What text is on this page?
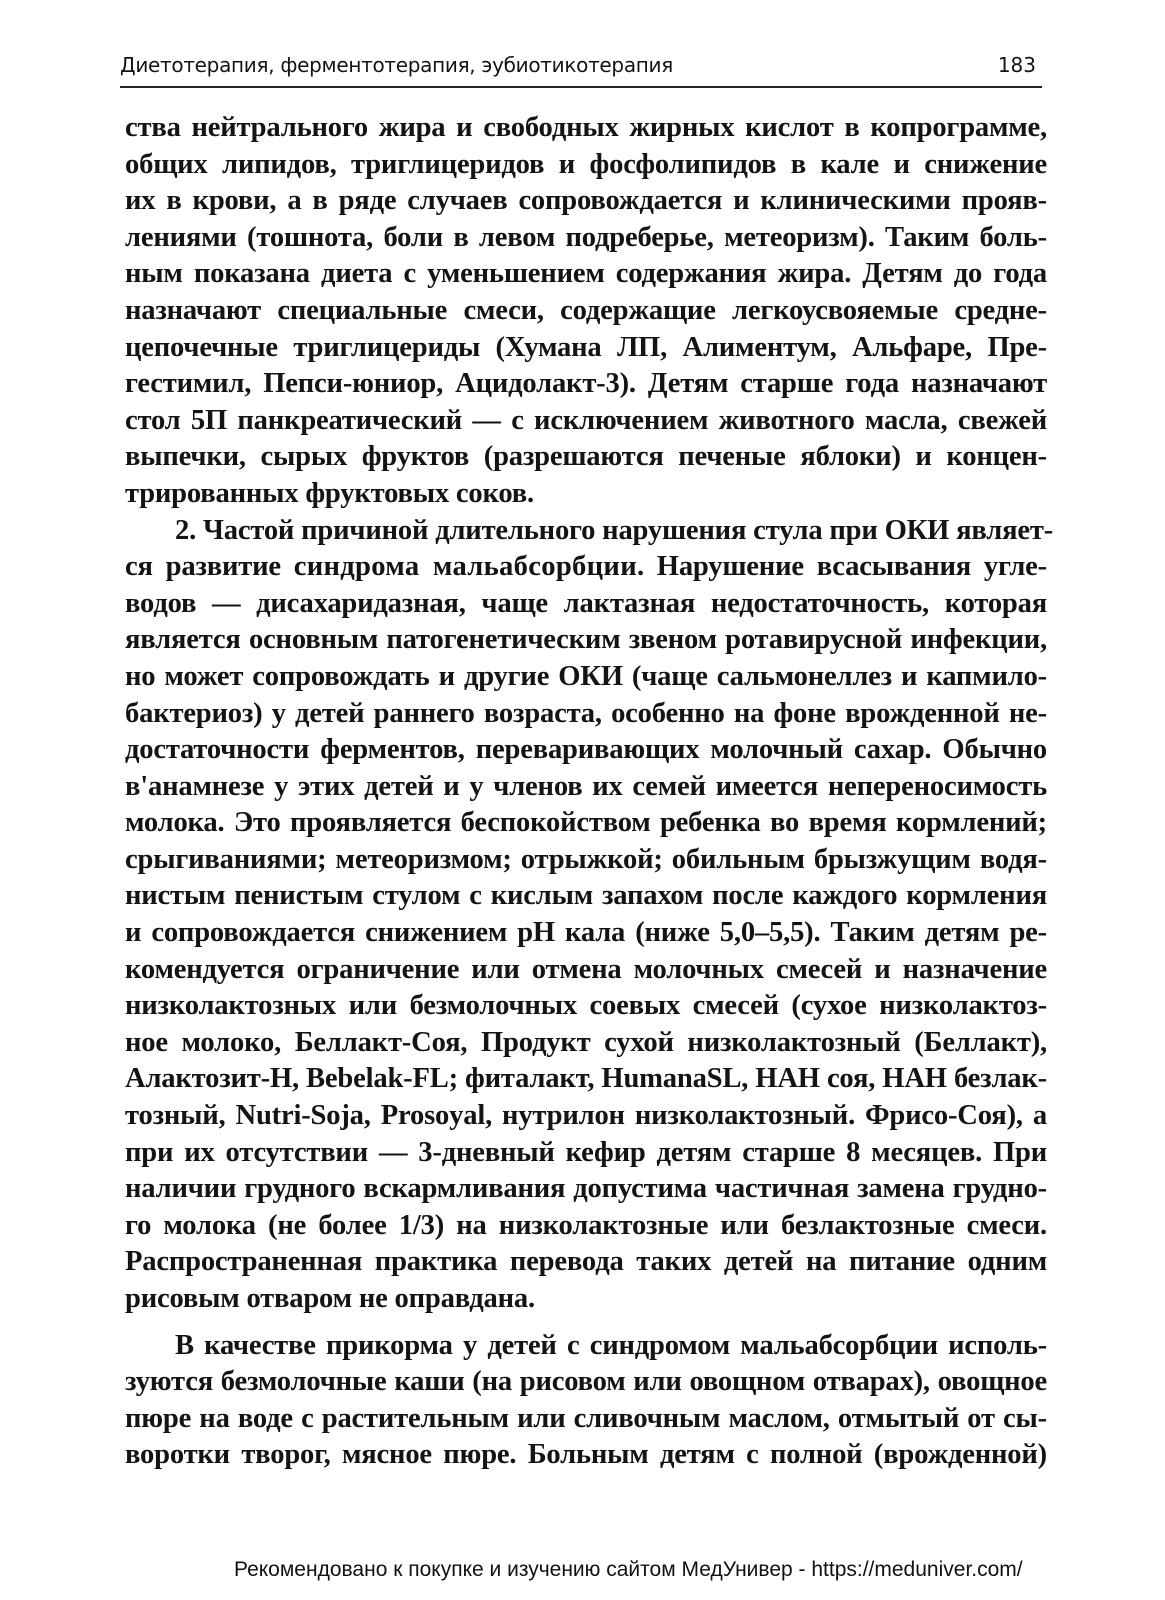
Диетотерапия, ферментотерапия, эубиотикотерапия	183
ства нейтрального жира и свободных жирных кислот в копрограмме,
общих липидов, триглицеридов и фосфолипидов в кале и снижение
их в крови, а в ряде случаев сопровождается и клиническими прояв-
лениями (тошнота, боли в левом подреберье, метеоризм). Таким боль-
ным показана диета с уменьшением содержания жира. Детям до года
назначают специальные смеси, содержащие легкоусвояемые средне-
цепочечные триглицериды (Хумана ЛП, Алиментум, Альфаре, Пре-
гестимил, Пепси-юниор, Ацидолакт-3). Детям старше года назначают
стол 5П панкреатический — с исключением животного масла, свежей
выпечки, сырых фруктов (разрешаются печеные яблоки) и концен-
трированных фруктовых соков.
2. Частой причиной длительного нарушения стула при ОКИ являет-
ся развитие синдрома мальабсорбции. Нарушение всасывания угле-
водов — дисахаридазная, чаще лактазная недостаточность, которая
является основным патогенетическим звеном ротавирусной инфекции,
но может сопровождать и другие ОКИ (чаще сальмонеллез и капмило-
бактериоз) у детей раннего возраста, особенно на фоне врожденной не-
достаточности ферментов, переваривающих молочный сахар. Обычно
в'анамнезе у этих детей и у членов их семей имеется непереносимость
молока. Это проявляется беспокойством ребенка во время кормлений;
срыгиваниями; метеоризмом; отрыжкой; обильным брызжущим водя-
нистым пенистым стулом с кислым запахом после каждого кормления
и сопровождается снижением pH кала (ниже 5,0–5,5). Таким детям ре-
комендуется ограничение или отмена молочных смесей и назначение
низколактозных или безмолочных соевых смесей (сухое низколактоз-
ное молоко, Беллакт-Соя, Продукт сухой низколактозный (Беллакт),
Алактозит-Н, Bebelak-FL; фиталакт, HumanaSL, НАН соя, НАН безлак-
тозный, Nutri-Soja, Prosoyal, нутрилон низколактозный. Фрисо-Соя), а
при их отсутствии — 3-дневный кефир детям старше 8 месяцев. При
наличии грудного вскармливания допустима частичная замена грудно-
го молока (не более 1/3) на низколактозные или безлактозные смеси.
Распространенная практика перевода таких детей на питание одним
рисовым отваром не оправдана.
В качестве прикорма у детей с синдромом мальабсорбции исполь-
зуются безмолочные каши (на рисовом или овощном отварах), овощное
пюре на воде с растительным или сливочным маслом, отмытый от сы-
воротки творог, мясное пюре. Больным детям с полной (врожденной)
Рекомендовано к покупке и изучению сайтом МедУнивер - https://meduniver.com/
